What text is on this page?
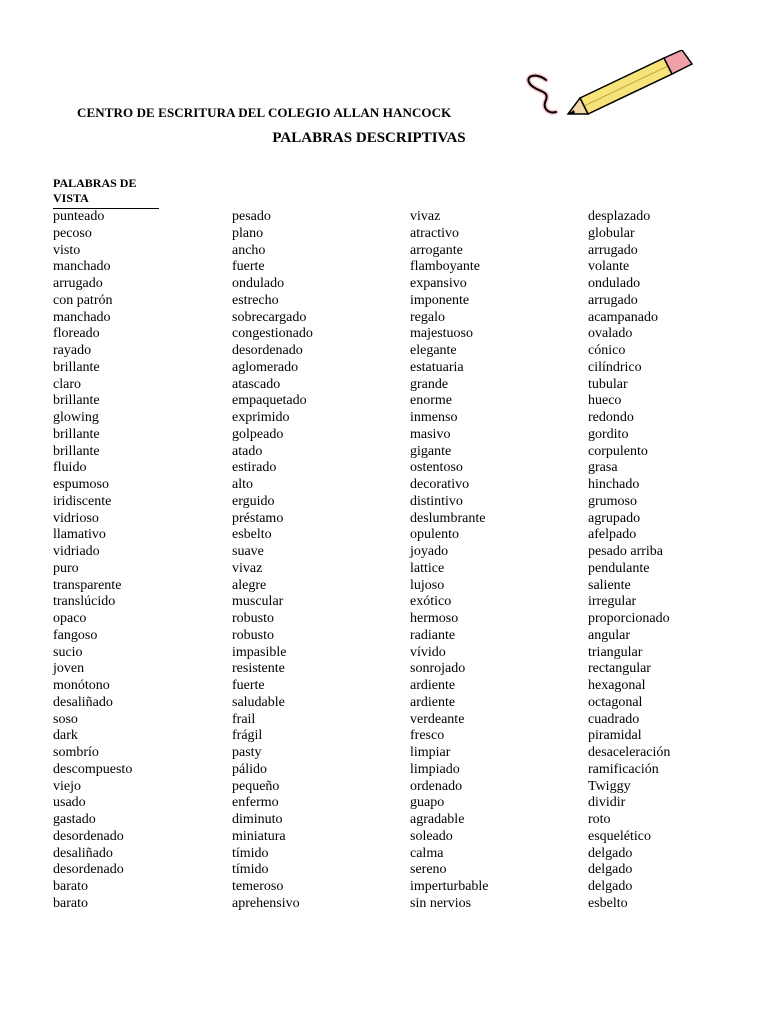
CENTRO DE ESCRITURA DEL COLEGIO ALLAN HANCOCK
PALABRAS DESCRIPTIVAS
PALABRAS DE VISTA
punteado
pecoso
visto
manchado
arrugado
con patrón
manchado
floreado
rayado
brillante
claro
brillante
glowing
brillante
brillante
fluido
espumoso
iridiscente
vidrioso
llamativo
vidriado
puro
transparente
translúcido
opaco
fangoso
sucio
joven
monótono
desaliñado
soso
dark
sombrío
descompuesto
viejo
usado
gastado
desordenado
desaliñado
desordenado
barato
barato
pesado
plano
ancho
fuerte
ondulado
estrecho
sobrecargado
congestionado
desordenado
aglomerado
atascado
empaquetado
exprimido
golpeado
atado
estirado
alto
erguido
préstamo
esbelto
suave
vivaz
alegre
muscular
robusto
robusto
impasible
resistente
fuerte
saludable
frail
frágil
pasty
pálido
pequeño
enfermo
diminuto
miniatura
tímido
tímido
temeroso
aprehensivo
vivaz
atractivo
arrogante
flamboyante
expansivo
imponente
regalo
majestuoso
elegante
estatuaria
grande
enorme
inmenso
masivo
gigante
ostentoso
decorativo
distintivo
deslumbrante
opulento
joyado
lattice
lujoso
exótico
hermoso
radiante
vívido
sonrojado
ardiente
ardiente
verdeante
fresco
limpiar
limpiado
ordenado
guapo
agradable
soleado
calma
sereno
imperturbable
sin nervios
desplazado
globular
arrugado
volante
ondulado
arrugado
acampanado
ovalado
cónico
cilíndrico
tubular
hueco
redondo
gordito
corpulento
grasa
hinchado
grumoso
agrupado
afelpado
pesado arriba
pendulante
saliente
irregular
proporcionado
angular
triangular
rectangular
hexagonal
octagonal
cuadrado
piramidal
desaceleración
ramificación
Twiggy
dividir
roto
esquelético
delgado
delgado
delgado
esbelto
